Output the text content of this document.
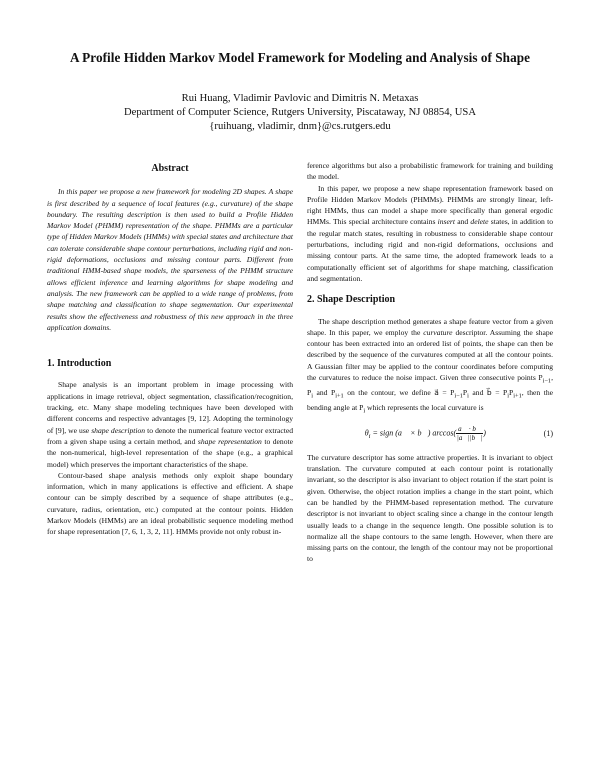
A Profile Hidden Markov Model Framework for Modeling and Analysis of Shape
Rui Huang, Vladimir Pavlovic and Dimitris N. Metaxas
Department of Computer Science, Rutgers University, Piscataway, NJ 08854, USA
{ruihuang, vladimir, dnm}@cs.rutgers.edu
Abstract

In this paper we propose a new framework for modeling 2D shapes. A shape is first described by a sequence of local features (e.g., curvature) of the shape boundary. The resulting description is then used to build a Profile Hidden Markov Model (PHMM) representation of the shape. PHMMs are a particular type of Hidden Markov Models (HMMs) with special states and architecture that can tolerate considerable shape contour perturbations, including rigid and non-rigid deformations, occlusions and missing contour parts. Different from traditional HMM-based shape models, the sparseness of the PHMM structure allows efficient inference and learning algorithms for shape modeling and analysis. The new framework can be applied to a wide range of problems, from shape matching and classification to shape segmentation. Our experimental results show the effectiveness and robustness of this new approach in the three application domains.

1. Introduction

Shape analysis is an important problem in image processing with applications in image retrieval, object segmentation, classification/recognition, tracking, etc. Many shape modeling techniques have been developed with different concerns and respective advantages [9, 12]. Adopting the terminology of [9], we use shape description to denote the numerical feature vector extracted from a given shape using a certain method, and shape representation to denote the non-numerical, high-level representation of the shape (e.g., a graphical model) which preserves the important characteristics of the shape.

Contour-based shape analysis methods only exploit shape boundary information, which in many applications is effective and efficient. A shape contour can be simply described by a sequence of shape attributes (e.g., curvature, radius, orientation, etc.) computed at the contour points. Hidden Markov Models (HMMs) are an ideal probabilistic sequence modeling method for shape representation [7, 6, 1, 3, 2, 11]. HMMs provide not only robust in-

ference algorithms but also a probabilistic framework for training and building the model.

In this paper, we propose a new shape representation framework based on Profile Hidden Markov Models (PHMMs). PHMMs are strongly linear, left-right HMMs, thus can model a shape more specifically than general ergodic HMMs. This special architecture contains insert and delete states, in addition to the regular match states, resulting in robustness to considerable shape contour perturbations, including rigid and non-rigid deformations, occlusions and missing contour parts. At the same time, the adopted framework leads to a computationally efficient set of algorithms for shape matching, classification and segmentation.

2. Shape Description

The shape description method generates a shape feature vector from a given shape. In this paper, we employ the curvature descriptor. Assuming the shape contour has been extracted into an ordered list of points, the shape can then be described by the sequence of the curvatures computed at all the contour points. A Gaussian filter may be applied to the contour coordinates before computing the curvatures to reduce the noise impact. Given three consecutive points $P_{i-1}$, $P_i$ and $P_{i+1}$ on the contour, we define a⃗ = $P_{i-1}P_i$ and b⃗ = $P_iP_{i+1}$, then the bending angle at $P_i$ which represents the local curvature is

$\theta_i$ = sign (a⃗ × b⃗) $\arccos( \frac{a⃗ \cdot b⃗}{|a⃗||b⃗|}$ )	(1)

The curvature descriptor has some attractive properties. It is invariant to object translation. The curvature computed at each contour point is rotationally invariant, so the descriptor is also invariant to object rotation if the start point is given. Otherwise, the object rotation implies a change in the start point, which can be handled by the PHMM-based representation method. The curvature descriptor is not invariant to object scaling since a change in the contour length usually leads to a change in the sequence length. One possible solution is to normalize all the shape contours to the same length. However, when there are missing parts on the contour, the length of the contour may not be proportional to
